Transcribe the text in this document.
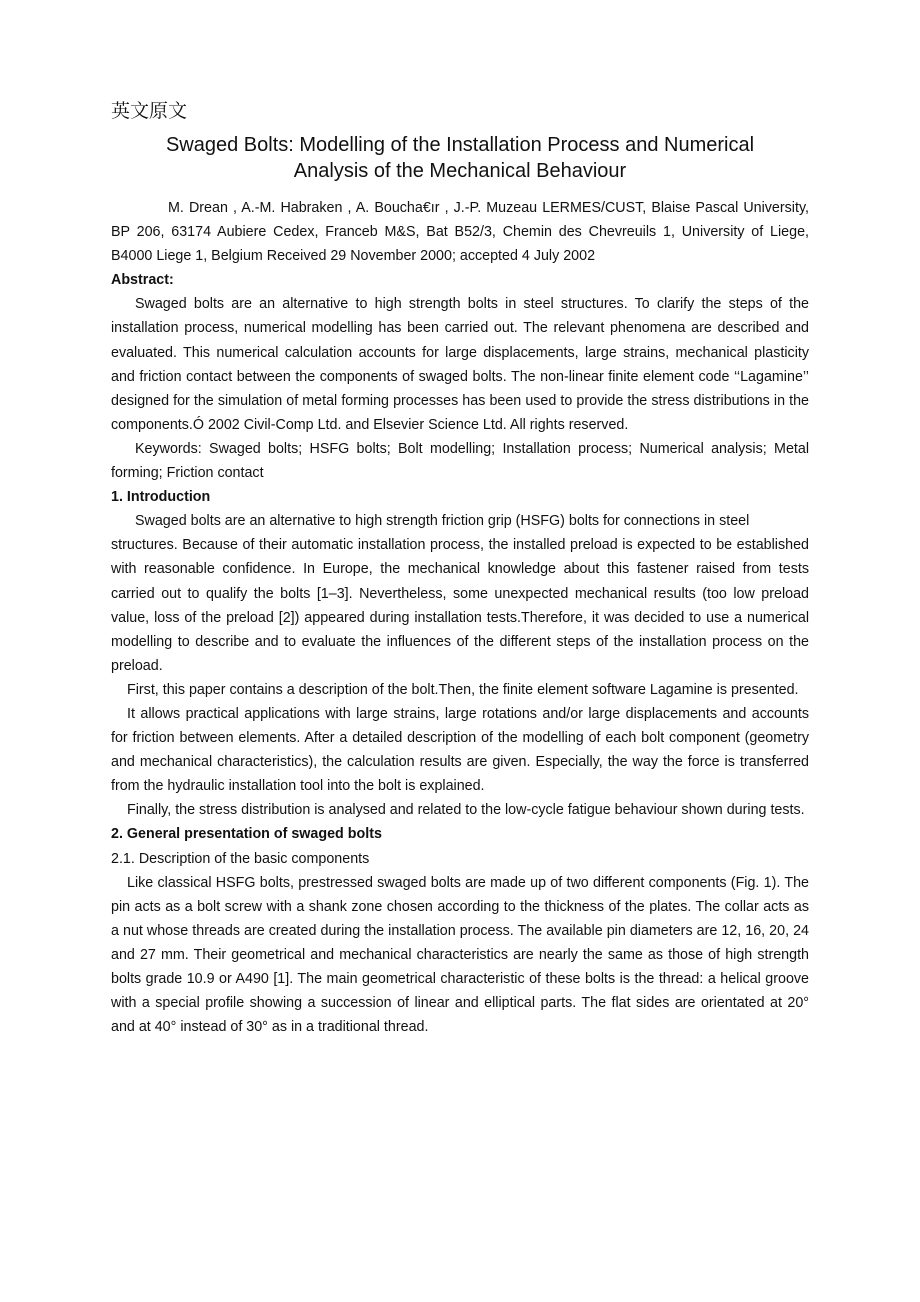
英文原文
Swaged Bolts: Modelling of the Installation Process and Numerical
Analysis of the Mechanical Behaviour

M. Drean , A.-M. Habraken , A. Boucha€ır , J.-P. Muzeau LERMES/CUST, Blaise Pascal University, BP 206, 63174 Aubiere Cedex, Franceb M&S, Bat B52/3, Chemin des Chevreuils 1, University of Liege, B4000 Liege 1, Belgium Received 29 November 2000; accepted 4 July 2002

Abstract:

Swaged bolts are an alternative to high strength bolts in steel structures. To clarify the steps of the installation process, numerical modelling has been carried out. The relevant phenomena are described and evaluated. This numerical calculation accounts for large displacements, large strains, mechanical plasticity and friction contact between the components of swaged bolts. The non-linear finite element code ‘‘Lagamine’’ designed for the simulation of metal forming processes has been used to provide the stress distributions in the components.Ó 2002 Civil-Comp Ltd. and Elsevier Science Ltd. All rights reserved.

Keywords: Swaged bolts; HSFG bolts; Bolt modelling; Installation process; Numerical analysis; Metal forming; Friction contact

1. Introduction

Swaged bolts are an alternative to high strength friction grip (HSFG) bolts for connections in steel

structures. Because of their automatic installation process, the installed preload is expected to be established with reasonable confidence. In Europe, the mechanical knowledge about this fastener raised from tests carried out to qualify the bolts [1–3]. Nevertheless, some unexpected mechanical results (too low preload value, loss of the preload [2]) appeared during installation tests.Therefore, it was decided to use a numerical modelling to describe and to evaluate the influences of the different steps of the installation process on the preload.

First, this paper contains a description of the bolt.Then, the finite element software Lagamine is presented.

It allows practical applications with large strains, large rotations and/or large displacements and accounts for friction between elements. After a detailed description of the modelling of each bolt component (geometry and mechanical characteristics), the calculation results are given. Especially, the way the force is transferred from the hydraulic installation tool into the bolt is explained.

Finally, the stress distribution is analysed and related to the low-cycle fatigue behaviour shown during tests.

2. General presentation of swaged bolts
2.1. Description of the basic components

Like classical HSFG bolts, prestressed swaged bolts are made up of two different components (Fig. 1). The pin acts as a bolt screw with a shank zone chosen according to the thickness of the plates. The collar acts as a nut whose threads are created during the installation process. The available pin diameters are 12, 16, 20, 24 and 27 mm. Their geometrical and mechanical characteristics are nearly the same as those of high strength bolts grade 10.9 or A490 [1]. The main geometrical characteristic of these bolts is the thread: a helical groove with a special profile showing a succession of linear and elliptical parts. The flat sides are orientated at 20° and at 40° instead of 30° as in a traditional thread.
